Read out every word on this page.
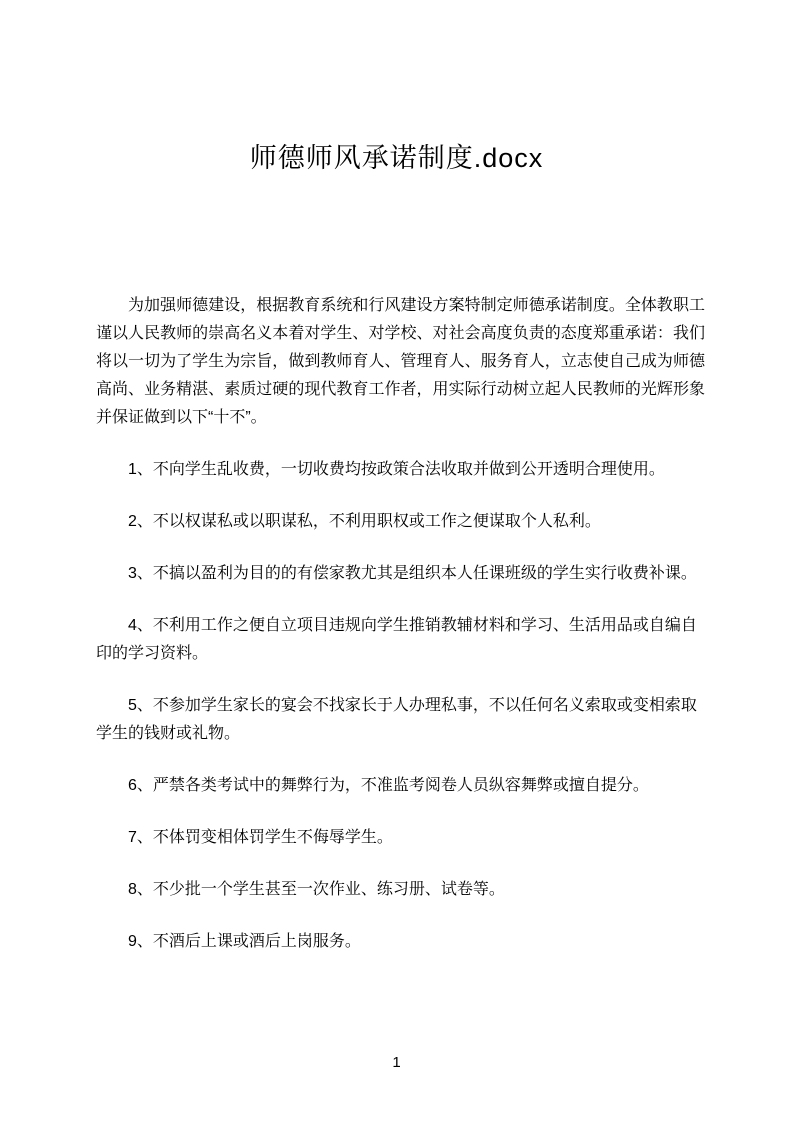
师德师风承诺制度.docx

为加强师德建设，根据教育系统和行风建设方案特制定师德承诺制度。全体教职工谨以人民教师的崇高名义本着对学生、对学校、对社会高度负责的态度郑重承诺：我们将以一切为了学生为宗旨，做到教师育人、管理育人、服务育人，立志使自己成为师德高尚、业务精湛、素质过硬的现代教育工作者，用实际行动树立起人民教师的光辉形象并保证做到以下“十不”。

1、不向学生乱收费，一切收费均按政策合法收取并做到公开透明合理使用。

2、不以权谋私或以职谋私，不利用职权或工作之便谋取个人私利。

3、不搞以盈利为目的的有偿家教尤其是组织本人任课班级的学生实行收费补课。

4、不利用工作之便自立项目违规向学生推销教辅材料和学习、生活用品或自编自印的学习资料。

5、不参加学生家长的宴会不找家长于人办理私事，不以任何名义索取或变相索取学生的钱财或礼物。

6、严禁各类考试中的舞弊行为，不准监考阅卷人员纵容舞弊或擅自提分。

7、不体罚变相体罚学生不侮辱学生。

8、不少批一个学生甚至一次作业、练习册、试卷等。

9、不酒后上课或酒后上岗服务。

1
